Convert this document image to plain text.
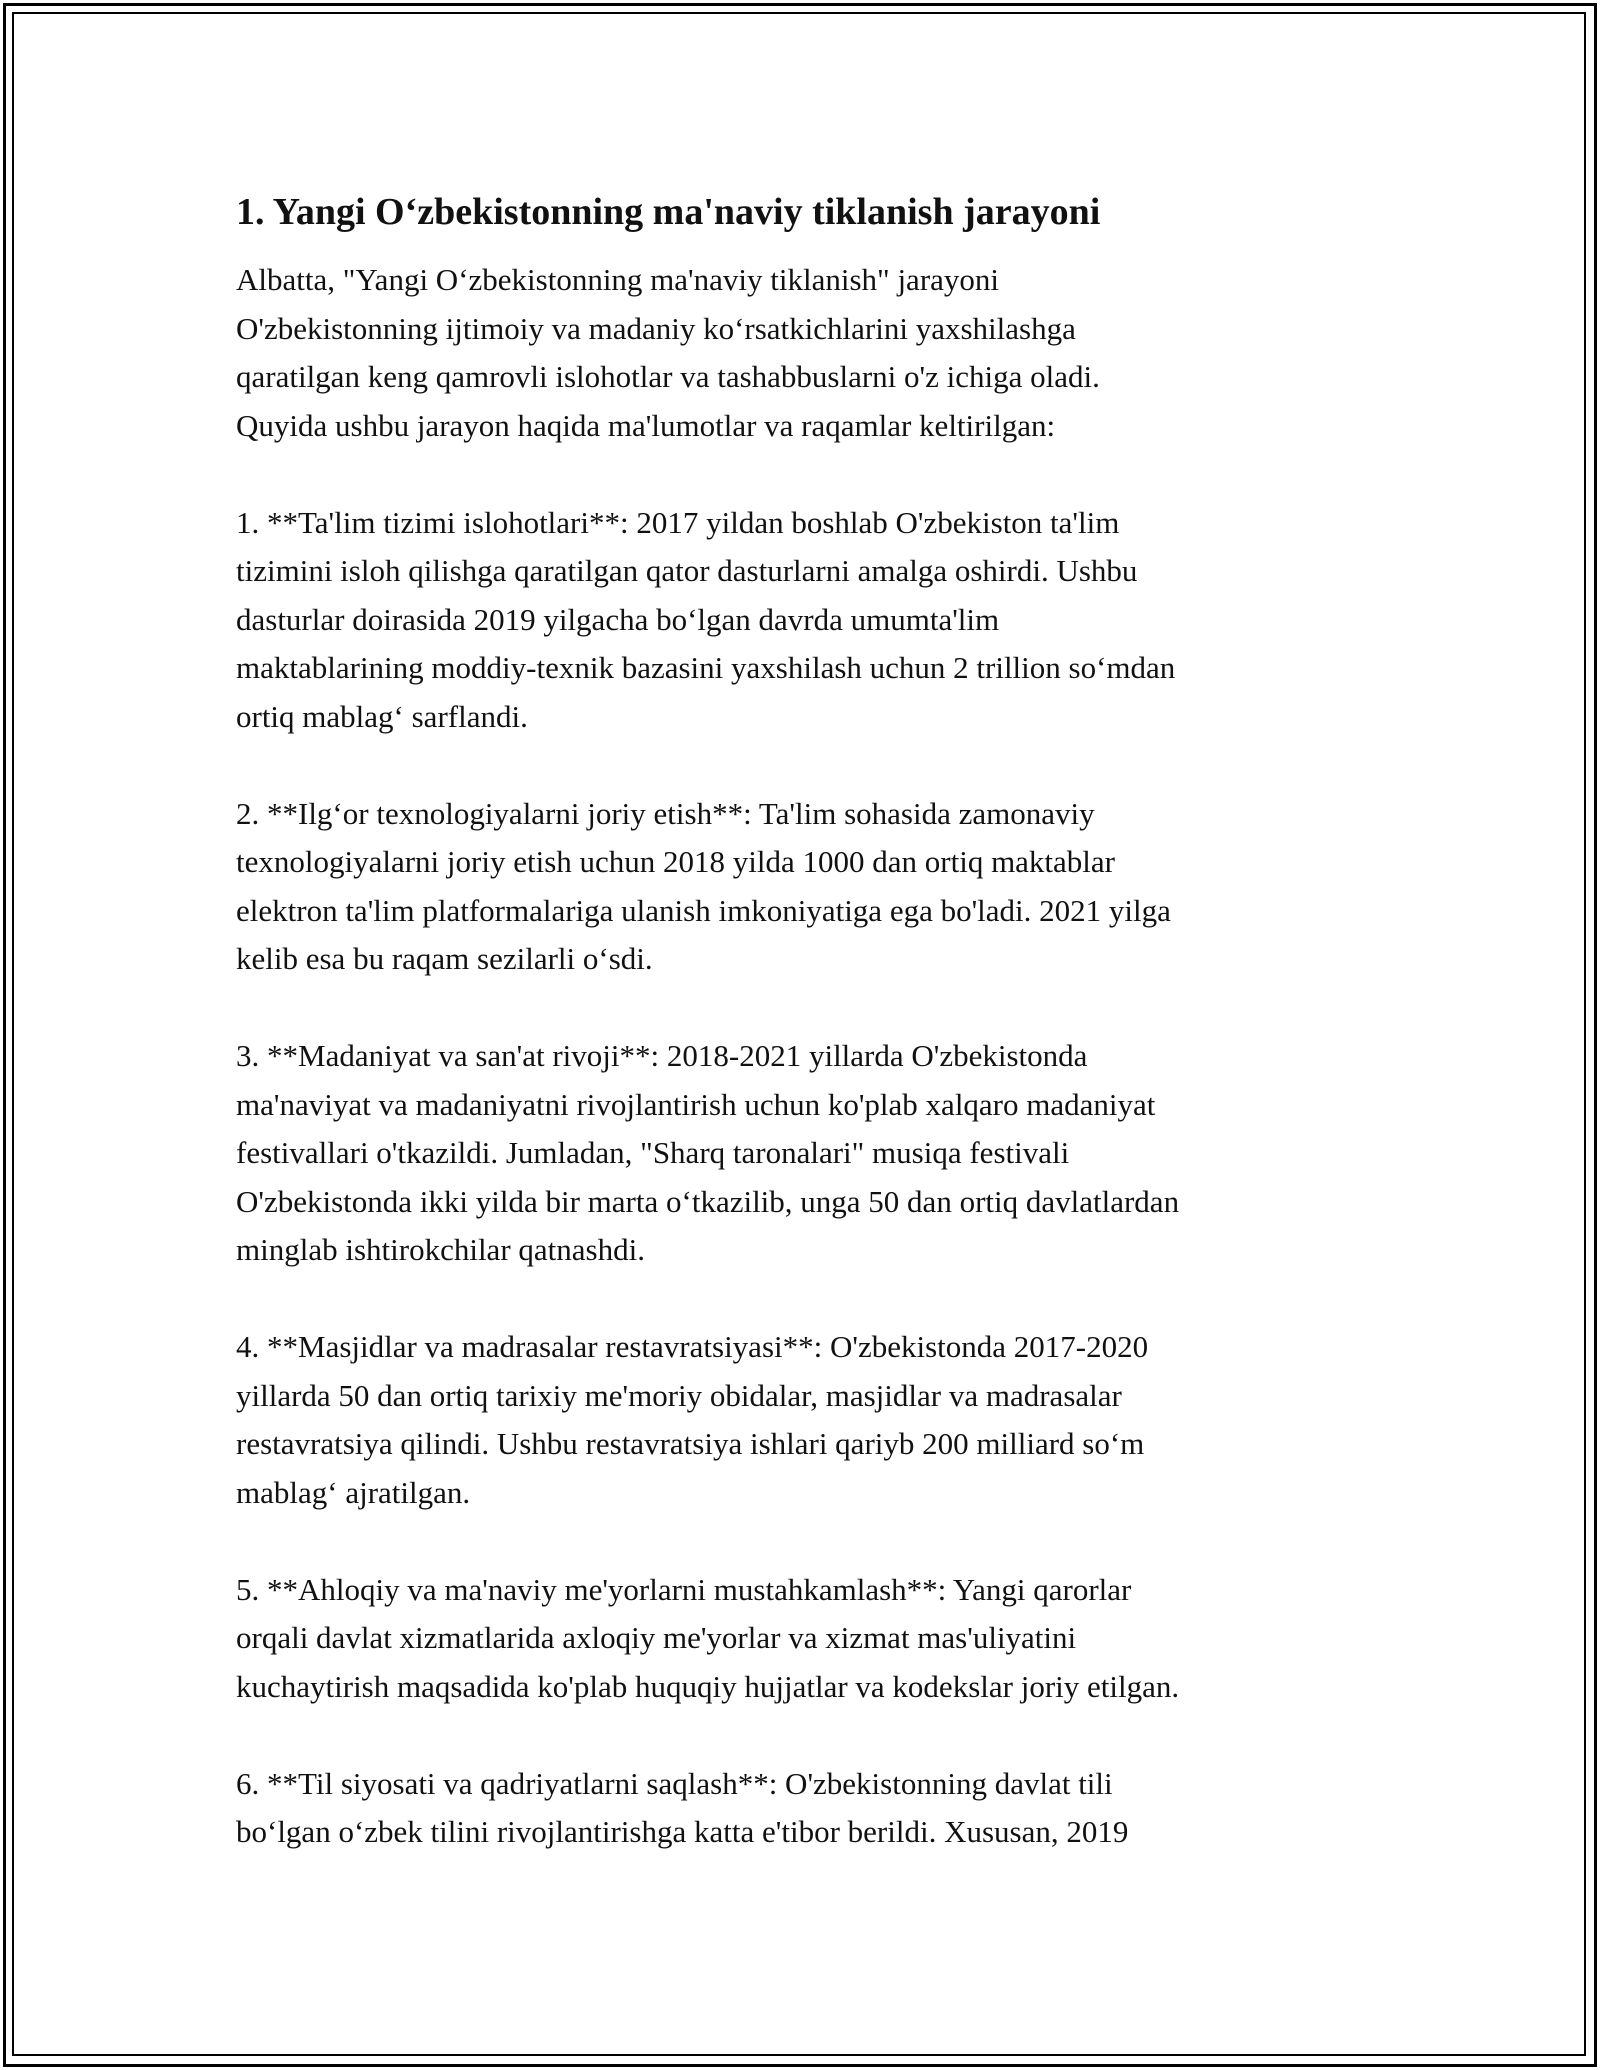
1. Yangi O‘zbekistonning ma'naviy tiklanish jarayoni

Albatta, "Yangi O‘zbekistonning ma'naviy tiklanish" jarayoni
O'zbekistonning ijtimoiy va madaniy ko‘rsatkichlarini yaxshilashga
qaratilgan keng qamrovli islohotlar va tashabbuslarni o'z ichiga oladi.
Quyida ushbu jarayon haqida ma'lumotlar va raqamlar keltirilgan:

1. **Ta'lim tizimi islohotlari**: 2017 yildan boshlab O'zbekiston ta'lim
tizimini isloh qilishga qaratilgan qator dasturlarni amalga oshirdi. Ushbu
dasturlar doirasida 2019 yilgacha bo‘lgan davrda umumta'lim
maktablarining moddiy-texnik bazasini yaxshilash uchun 2 trillion so‘mdan
ortiq mablag‘ sarflandi.

2. **Ilg‘or texnologiyalarni joriy etish**: Ta'lim sohasida zamonaviy
texnologiyalarni joriy etish uchun 2018 yilda 1000 dan ortiq maktablar
elektron ta'lim platformalariga ulanish imkoniyatiga ega bo'ladi. 2021 yilga
kelib esa bu raqam sezilarli o‘sdi.

3. **Madaniyat va san'at rivoji**: 2018-2021 yillarda O'zbekistonda
ma'naviyat va madaniyatni rivojlantirish uchun ko'plab xalqaro madaniyat
festivallari o'tkazildi. Jumladan, "Sharq taronalari" musiqa festivali
O'zbekistonda ikki yilda bir marta o‘tkazilib, unga 50 dan ortiq davlatlardan
minglab ishtirokchilar qatnashdi.

4. **Masjidlar va madrasalar restavratsiyasi**: O'zbekistonda 2017-2020
yillarda 50 dan ortiq tarixiy me'moriy obidalar, masjidlar va madrasalar
restavratsiya qilindi. Ushbu restavratsiya ishlari qariyb 200 milliard so‘m
mablag‘ ajratilgan.

5. **Ahloqiy va ma'naviy me'yorlarni mustahkamlash**: Yangi qarorlar
orqali davlat xizmatlarida axloqiy me'yorlar va xizmat mas'uliyatini
kuchaytirish maqsadida ko'plab huquqiy hujjatlar va kodekslar joriy etilgan.

6. **Til siyosati va qadriyatlarni saqlash**: O'zbekistonning davlat tili
bo‘lgan o‘zbek tilini rivojlantirishga katta e'tibor berildi. Xususan, 2019
